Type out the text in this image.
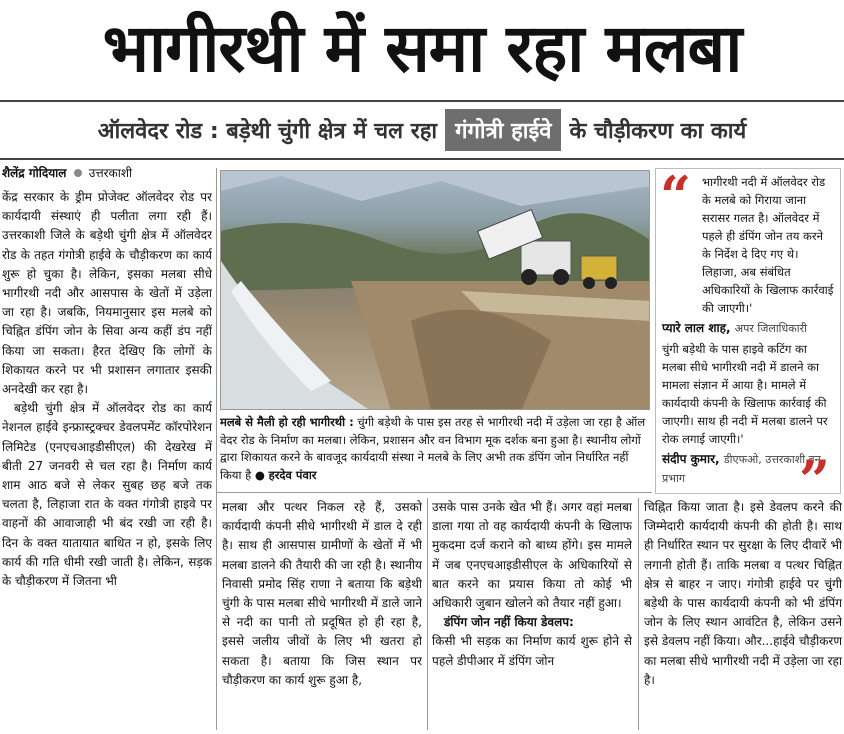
भागीरथी में समा रहा मलबा
ऑलवेदर रोड : बड़ेथी चुंगी क्षेत्र में चल रहा गंगोत्री हाईवे के चौड़ीकरण का कार्य
शैलेंद्र गोदियाल उत्तरकाशी

केंद्र सरकार के ड्रीम प्रोजेक्ट ऑलवेदर रोड पर कार्यदायी संस्थाएं ही पलीता लगा रही हैं। उत्तरकाशी जिले के बड़ेथी चुंगी क्षेत्र में ऑलवेदर रोड के तहत गंगोत्री हाईवे के चौड़ीकरण का कार्य शुरू हो चुका है। लेकिन, इसका मलबा सीधे भागीरथी नदी और आसपास के खेतों में उड़ेला जा रहा है। जबकि, नियमानुसार इस मलबे को चिह्नित डंपिंग जोन के सिवा अन्य कहीं डंप नहीं किया जा सकता। हैरत देखिए कि लोगों के शिकायत करने पर भी प्रशासन लगातार इसकी अनदेखी कर रहा है।

बड़ेथी चुंगी क्षेत्र में ऑलवेदर रोड का कार्य नेशनल हाईवे इन्फ्रास्ट्रक्चर डेवलपमेंट कॉरपोरेशन लिमिटेड (एनएचआइडीसीएल) की देखरेख में बीती 27 जनवरी से चल रहा है। निर्माण कार्य शाम आठ बजे से लेकर सुबह छह बजे तक चलता है, लिहाजा रात के वक्त गंगोत्री हाइवे पर वाहनों की आवाजाही भी बंद रखी जा रही है। दिन के वक्त यातायात बाधित न हो, इसके लिए कार्य की गति धीमी रखी जाती है। लेकिन, सड़क के चौड़ीकरण में जितना भी

मलबे से मैली हो रही भागीरथी : चुंगी बड़ेथी के पास इस तरह से भागीरथी नदी में उड़ेला जा रहा है ऑल वेदर रोड के निर्माण का मलबा। लेकिन, प्रशासन और वन विभाग मूक दर्शक बना हुआ है। स्थानीय लोगों द्वारा शिकायत करने के बावजूद कार्यदायी संस्था ने मलबे के लिए अभी तक डंपिंग जोन निर्धारित नहीं किया है ● हरदेव पंवार
“ भागीरथी नदी में ऑलवेदर रोड के मलबे को गिराया जाना सरासर गलत है। ऑलवेदर में पहले ही डंपिंग जोन तय करने के निर्देश दे दिए गए थे। लिहाजा, अब संबंधित अधिकारियों के खिलाफ कार्रवाई की जाएगी।'

प्यारे लाल शाह, अपर जिलाधिकारी

चुंगी बड़ेथी के पास हाइवे कटिंग का मलबा सीधे भागीरथी नदी में डालने का मामला संज्ञान में आया है। मामले में कार्यदायी कंपनी के खिलाफ कार्रवाई की जाएगी। साथ ही नदी में मलबा डालने पर रोक लगाई जाएगी।'

संदीप कुमार, डीएफओ, उत्तरकाशी वन प्रभाग	”

मलबा और पत्थर निकल रहे हैं, उसको कार्यदायी कंपनी सीधे भागीरथी में डाल दे रही है। साथ ही आसपास ग्रामीणों के खेतों में भी मलबा डालने की तैयारी की जा रही है। स्थानीय निवासी प्रमोद सिंह राणा ने बताया कि बड़ेथी चुंगी के पास मलबा सीधे भागीरथी में डाले जाने से नदी का पानी तो प्रदूषित हो ही रहा है, इससे जलीय जीवों के लिए भी खतरा हो सकता है। बताया कि जिस स्थान पर चौड़ीकरण का कार्य शुरू हुआ है,

उसके पास उनके खेत भी हैं। अगर वहां मलबा डाला गया तो वह कार्यदायी कंपनी के खिलाफ मुकदमा दर्ज कराने को बाध्य होंगे। इस मामले में जब एनएचआइडीसीएल के अधिकारियों से बात करने का प्रयास किया तो कोई भी अधिकारी जुबान खोलने को तैयार नहीं हुआ।

डंपिंग जोन नहीं किया डेवलप:

किसी भी सड़क का निर्माण कार्य शुरू होने से पहले डीपीआर में डंपिंग जोन

चिह्नित किया जाता है। इसे डेवलप करने की जिम्मेदारी कार्यदायी कंपनी की होती है। साथ ही निर्धारित स्थान पर सुरक्षा के लिए दीवारें भी लगानी होती हैं। ताकि मलबा व पत्थर चिह्नित क्षेत्र से बाहर न जाए। गंगोत्री हाईवे पर चुंगी बड़ेथी के पास कार्यदायी कंपनी को भी डंपिंग जोन के लिए स्थान आवंटित है, लेकिन उसने इसे डेवलप नहीं किया। और...हाईवे चौड़ीकरण का मलबा सीधे भागीरथी नदी में उड़ेला जा रहा है।
